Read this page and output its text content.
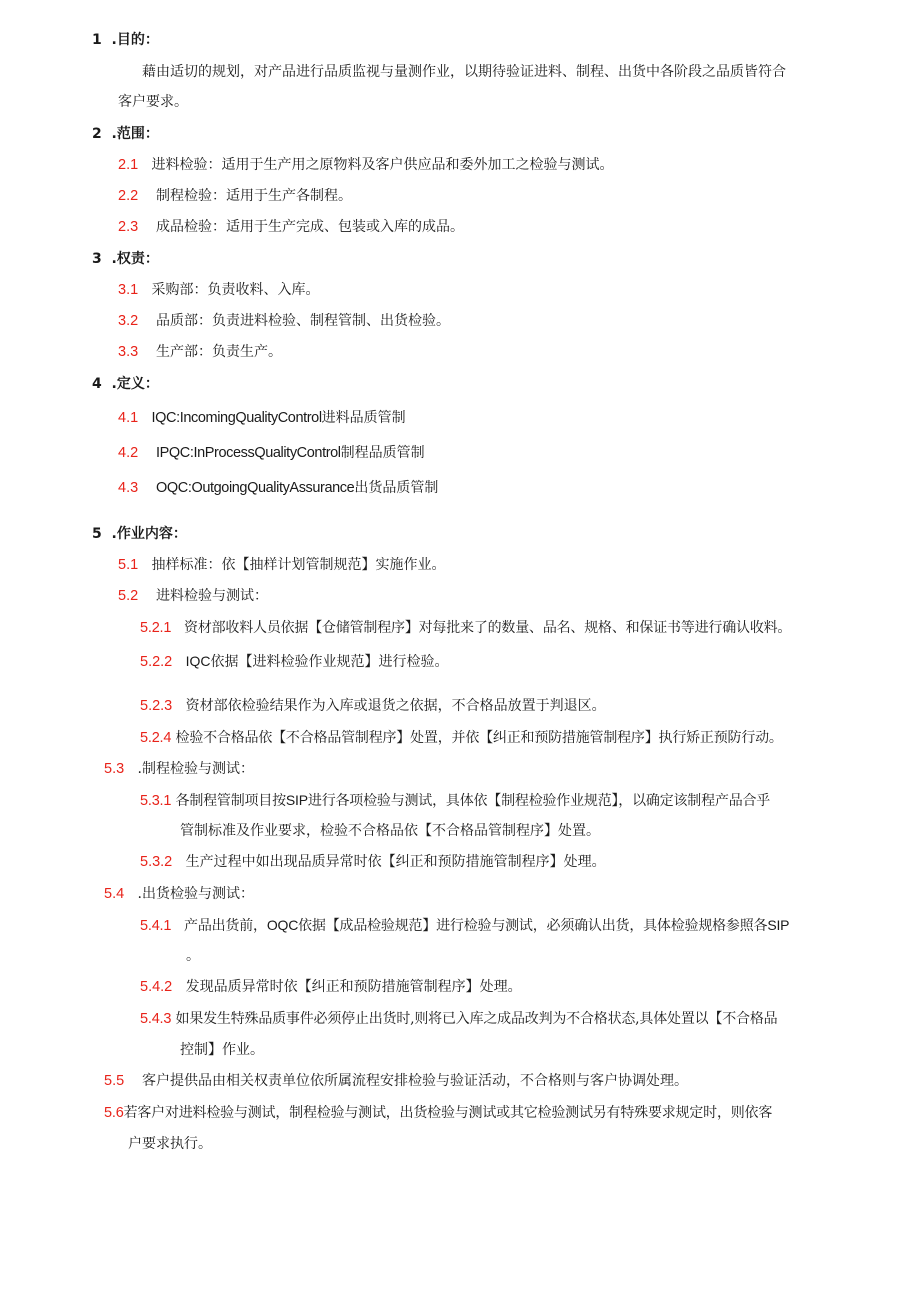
1 .目的：
藉由适切的规划，对产品进行品质监视与量测作业，以期待验证进料、制程、出货中各阶段之品质皆符合
客户要求。
2 .范围：
2.1 进料检验：适用于生产用之原物料及客户供应品和委外加工之检验与测试。
2.2 制程检验：适用于生产各制程。
2.3 成品检验：适用于生产完成、包装或入库的成品。
3 .权责：
3.1 采购部：负责收料、入库。
3.2 品质部：负责进料检验、制程管制、出货检验。
3.3 生产部：负责生产。
4 .定义：
4.1 IQC:IncomingQualityControl进料品质管制
4.2 IPQC:InProcessQualityControl制程品质管制
4.3 OQC:OutgoingQualityAssurance出货品质管制
5 .作业内容：
5.1 抽样标准：依【抽样计划管制规范】实施作业。
5.2 进料检验与测试：
5.2.1 资材部收料人员依据【仓储管制程序】对每批来了的数量、品名、规格、和保证书等进行确认收料。
5.2.2 IQC依据【进料检验作业规范】进行检验。
5.2.3 资材部依检验结果作为入库或退货之依据，不合格品放置于判退区。
5.2.4 检验不合格品依【不合格品管制程序】处置，并依【纠正和预防措施管制程序】执行矫正预防行动。
5.3 .制程检验与测试：
5.3.1 各制程管制项目按SIP进行各项检验与测试，具体依【制程检验作业规范】，以确定该制程产品合乎
管制标准及作业要求，检验不合格品依【不合格品管制程序】处置。
5.3.2 生产过程中如出现品质异常时依【纠正和预防措施管制程序】处理。
5.4 .出货检验与测试：
5.4.1 产品出货前，OQC依据【成品检验规范】进行检验与测试，必须确认出货，具体检验规格参照各SIP
。
5.4.2 发现品质异常时依【纠正和预防措施管制程序】处理。
5.4.3 如果发生特殊品质事件必须停止出货时,则将已入库之成品改判为不合格状态,具体处置以【不合格品
控制】作业。
5.5 客户提供品由相关权责单位依所属流程安排检验与验证活动，不合格则与客户协调处理。
5.6若客户对进料检验与测试，制程检验与测试，出货检验与测试或其它检验测试另有特殊要求规定时，则依客
户要求执行。
